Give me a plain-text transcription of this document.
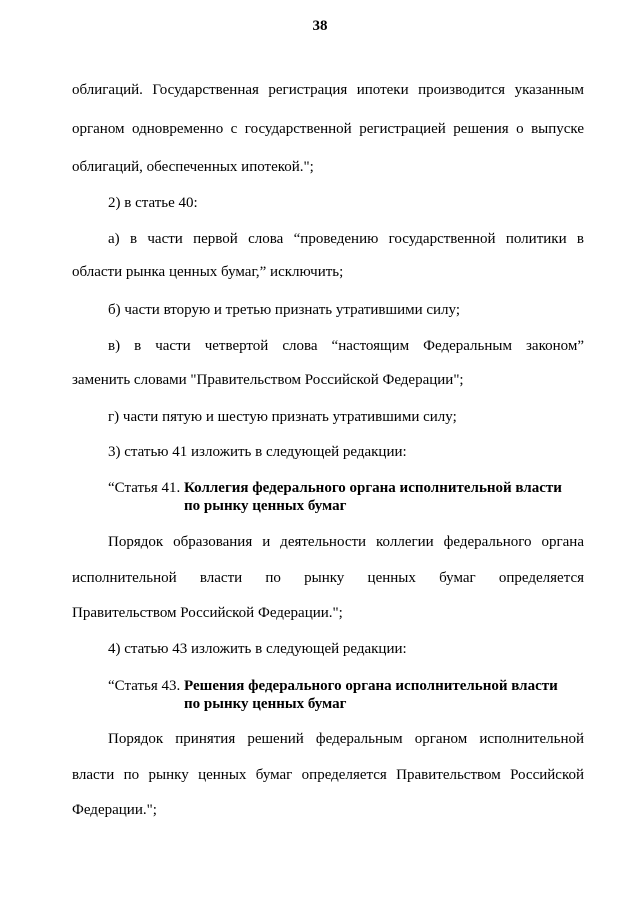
38

облигаций. Государственная регистрация ипотеки производится указанным

органом одновременно с государственной регистрацией решения о выпуске

облигаций, обеспеченных ипотекой.";

2) в статье 40:

а) в части первой слова “проведению государственной политики в

области рынка ценных бумаг,” исключить;

б) части вторую и третью признать утратившими силу;

в) в части четвертой слова “настоящим Федеральным законом”

заменить словами "Правительством Российской Федерации";

г) части пятую и шестую признать утратившими силу;

3) статью 41 изложить в следующей редакции:

“Статья 41. Коллегия федерального органа исполнительной власти

по рынку ценных бумаг

Порядок образования и деятельности коллегии федерального органа

исполнительной власти по рынку ценных бумаг определяется

Правительством Российской Федерации.";

4) статью 43 изложить в следующей редакции:

“Статья 43. Решения федерального органа исполнительной власти

по рынку ценных бумаг

Порядок принятия решений федеральным органом исполнительной

власти по рынку ценных бумаг определяется Правительством Российской

Федерации.";
